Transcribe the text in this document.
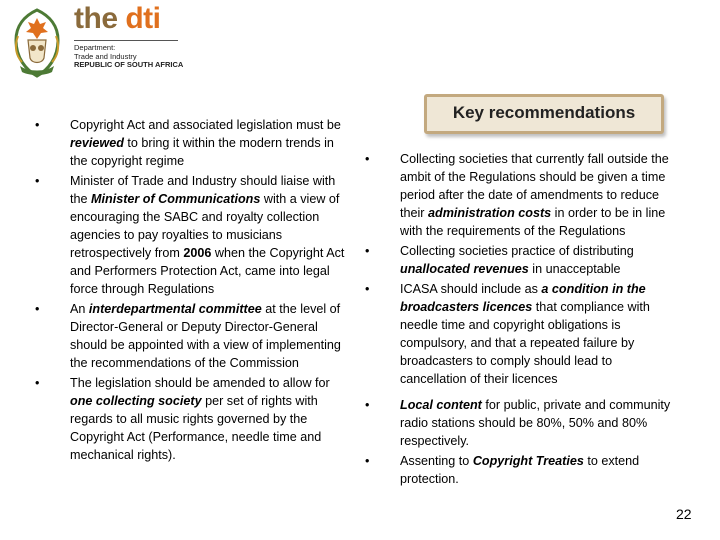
the dti
Department:
Trade and Industry
REPUBLIC OF SOUTH AFRICA
• Copyright Act and associated legislation must be reviewed to bring it within the modern trends in the copyright regime
• Minister of Trade and Industry should liaise with the Minister of Communications with a view of encouraging the SABC and royalty collection agencies to pay royalties to musicians retrospectively from 2006 when the Copyright Act and Performers Protection Act, came into legal force through Regulations
• An interdepartmental committee at the level of Director-General or Deputy Director-General should be appointed with a view of implementing the recommendations of the Commission
• The legislation should be amended to allow for one collecting society per set of rights with regards to all music rights governed by the Copyright Act (Performance, needle time and mechanical rights).
Key recommendations
• Collecting societies that currently fall outside the ambit of the Regulations should be given a time period after the date of amendments to reduce their administration costs in order to be in line with the requirements of the Regulations
• Collecting societies practice of distributing unallocated revenues in unacceptable
• ICASA should include as a condition in the broadcasters licences that compliance with needle time and copyright obligations is compulsory, and that a repeated failure by broadcasters to comply should lead to cancellation of their licences
• Local content for public, private and community radio stations should be 80%, 50% and 80% respectively.
• Assenting to Copyright Treaties to extend protection.
22
